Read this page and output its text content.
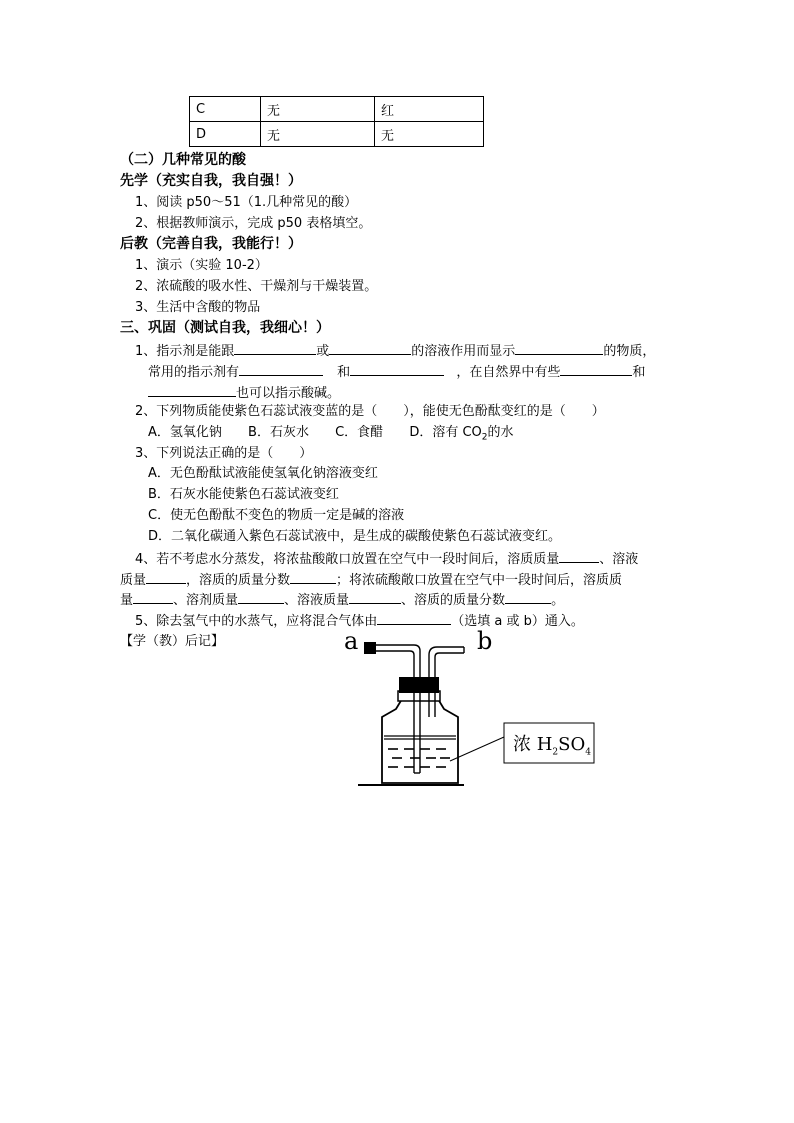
C	无	红
D	无	无
（二）几种常见的酸
先学（充实自我，我自强！）
1、阅读 p50～51（1.几种常见的酸）
2、根据教师演示，完成 p50 表格填空。
后教（完善自我，我能行！）
1、演示（实验 10-2）
2、浓硫酸的吸水性、干燥剂与干燥装置。
3、生活中含酸的物品
三、巩固（测试自我，我细心！）
1、指示剂是能跟	或	的溶液作用而显示	的物质，
常用的指示剂有	和	，在自然界中有些	和
也可以指示酸碱。
2、下列物质能使紫色石蕊试液变蓝的是（　　），能使无色酚酞变红的是（　　）
A．氢氧化钠 B．石灰水 C．食醋 D．溶有 $CO_2$的水
3、下列说法正确的是（　　）
A．无色酚酞试液能使氢氧化钠溶液变红
B．石灰水能使紫色石蕊试液变红
C．使无色酚酞不变色的物质一定是碱的溶液
D．二氧化碳通入紫色石蕊试液中，是生成的碳酸使紫色石蕊试液变红。
4、若不考虑水分蒸发，将浓盐酸敞口放置在空气中一段时间后，溶质质量	、溶液
质量	，溶质的质量分数	；将浓硫酸敞口放置在空气中一段时间后，溶质质
量	、溶剂质量	、溶液质量	、溶质的质量分数	。
5、除去氢气中的水蒸气，应将混合气体由	（选填 a 或 b）通入。
【学（教）后记】	a	b
浓 $H_2SO_4$
